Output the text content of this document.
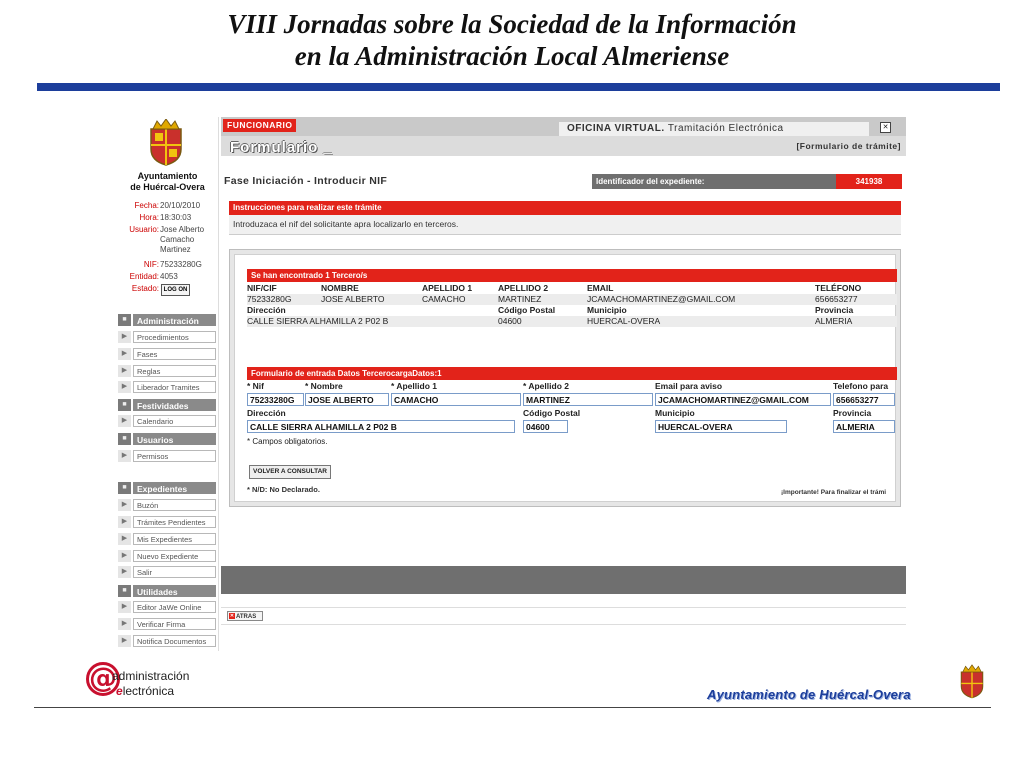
VIII Jornadas sobre la Sociedad de la Información
en la Administración Local Almeriense
Ayuntamiento
de Huércal-Overa
Fecha: 20/10/2010
Hora: 18:30:03
Usuario: Jose Alberto Camacho Martinez
NIF: 75233280G
Entidad: 4053
Estado: LOG ON
■	Administración
▶	Procedimientos
▶	Fases
▶	Reglas
▶	Liberador Tramites
■	Festividades
▶	Calendario
■	Usuarios
▶	Permisos
■	Expedientes
▶	Buzón
▶	Trámites Pendientes
▶	Mis Expedientes
▶	Nuevo Expediente
▶	Salir
■	Utilidades
▶	Editor JaWe Online
▶	Verificar Firma
▶	Notifica Documentos
FUNCIONARIO	OFICINA VIRTUAL. Tramitación Electrónica	✕
Formulario _	[Formulario de trámite]
Fase Iniciación - Introducir NIF	Identificador del expediente:	341938
Instrucciones para realizar este trámite
Introduzaca el nif del solicitante apra localizarlo en terceros.
Se han encontrado 1 Tercero/s
NIF/CIF	NOMBRE	APELLIDO 1	APELLIDO 2	EMAIL	TELÉFONO
75233280G	JOSE ALBERTO	CAMACHO	MARTINEZ	JCAMACHOMARTINEZ@GMAIL.COM	656653277
Dirección	Código Postal	Municipio	Provincia
CALLE SIERRA ALHAMILLA 2 P02 B	04600	HUERCAL-OVERA	ALMERIA
Formulario de entrada Datos TercerocargaDatos:1
* Nif	* Nombre	* Apellido 1	* Apellido 2	Email para aviso	Telefono para
75233280G	JOSE ALBERTO	CAMACHO	MARTINEZ	JCAMACHOMARTINEZ@GMAIL.COM	656653277
Dirección	Código Postal	Municipio	Provincia
CALLE SIERRA ALHAMILLA 2 P02 B	04600	HUERCAL-OVERA	ALMERIA
* Campos obligatorios.
VOLVER A CONSULTAR
* N/D: No Declarado.	¡Importante! Para finalizar el trámi
✕ ATRAS
@
administración
electrónica	Ayuntamiento de Huércal-Overa
